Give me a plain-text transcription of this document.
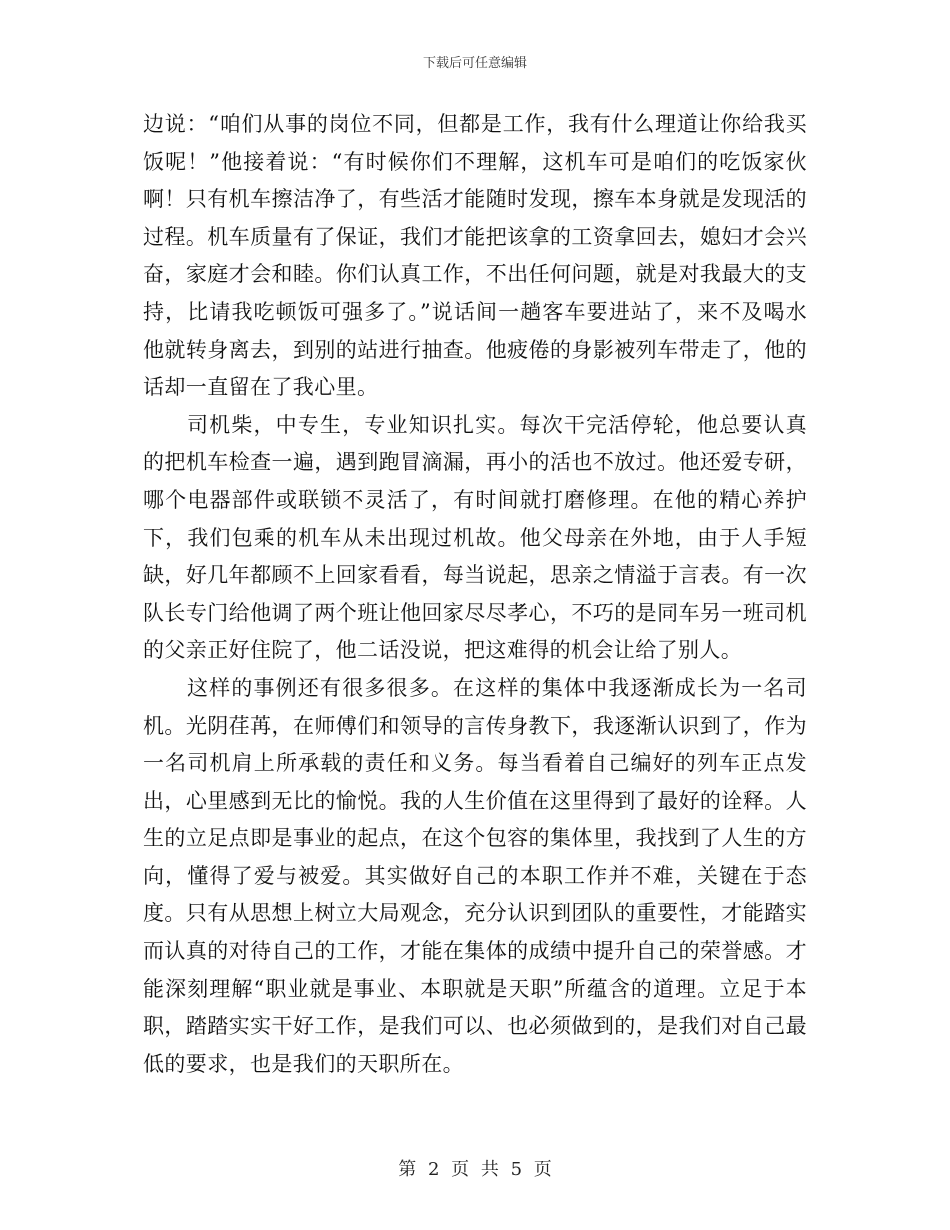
下载后可任意编辑

边说：“咱们从事的岗位不同，但都是工作，我有什么理道让你给我买饭呢！”他接着说：“有时候你们不理解，这机车可是咱们的吃饭家伙啊！只有机车擦洁净了，有些活才能随时发现，擦车本身就是发现活的过程。机车质量有了保证，我们才能把该拿的工资拿回去，媳妇才会兴奋，家庭才会和睦。你们认真工作，不出任何问题，就是对我最大的支持，比请我吃顿饭可强多了。”说话间一趟客车要进站了，来不及喝水他就转身离去，到别的站进行抽查。他疲倦的身影被列车带走了，他的话却一直留在了我心里。

司机柴，中专生，专业知识扎实。每次干完活停轮，他总要认真的把机车检查一遍，遇到跑冒滴漏，再小的活也不放过。他还爱专研，哪个电器部件或联锁不灵活了，有时间就打磨修理。在他的精心养护下，我们包乘的机车从未出现过机故。他父母亲在外地，由于人手短缺，好几年都顾不上回家看看，每当说起，思亲之情溢于言表。有一次队长专门给他调了两个班让他回家尽尽孝心，不巧的是同车另一班司机的父亲正好住院了，他二话没说，把这难得的机会让给了别人。

这样的事例还有很多很多。在这样的集体中我逐渐成长为一名司机。光阴荏苒，在师傅们和领导的言传身教下，我逐渐认识到了，作为一名司机肩上所承载的责任和义务。每当看着自己编好的列车正点发出，心里感到无比的愉悦。我的人生价值在这里得到了最好的诠释。人生的立足点即是事业的起点，在这个包容的集体里，我找到了人生的方向，懂得了爱与被爱。其实做好自己的本职工作并不难，关键在于态度。只有从思想上树立大局观念，充分认识到团队的重要性，才能踏实而认真的对待自己的工作，才能在集体的成绩中提升自己的荣誉感。才能深刻理解“职业就是事业、本职就是天职”所蕴含的道理。立足于本职，踏踏实实干好工作，是我们可以、也必须做到的，是我们对自己最低的要求，也是我们的天职所在。

第 2 页 共 5 页
